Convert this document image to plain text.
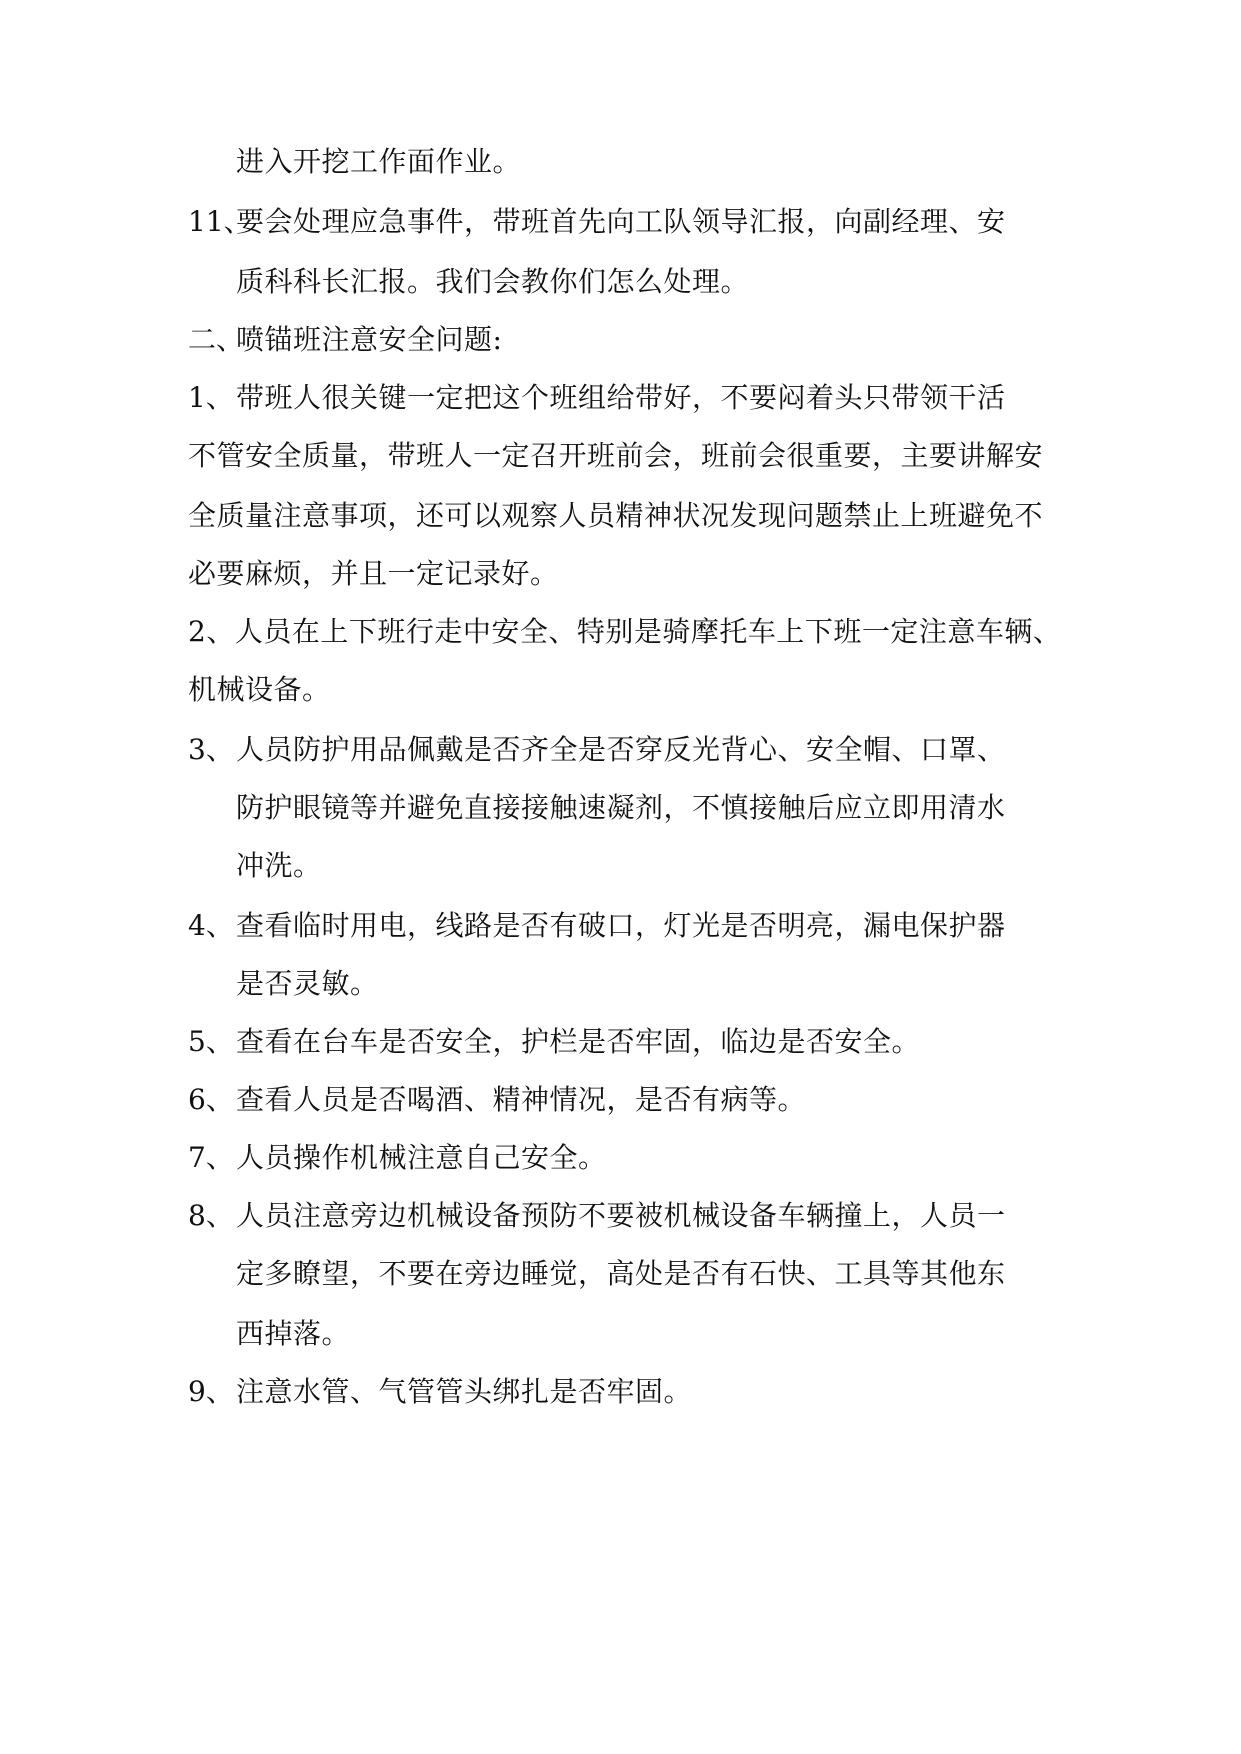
进入开挖工作面作业。
11、
要会处理应急事件，带班首先向工队领导汇报，向副经理、安
质科科长汇报。我们会教你们怎么处理。
二、
喷锚班注意安全问题:
1、 带班人很关键一定把这个班组给带好，不要闷着头只带领干活
不管安全质量，带班人一定召开班前会，班前会很重要，主要讲解安
全质量注意事项，还可以观察人员精神状况发现问题禁止上班避免不
必要麻烦，并且一定记录好。
2、人员在上下班行走中安全、特别是骑摩托车上下班一定注意车辆、
机械设备。
3、 人员防护用品佩戴是否齐全是否穿反光背心、安全帽、口罩、
防护眼镜等并避免直接接触速凝剂，不慎接触后应立即用清水
冲洗。
4、 查看临时用电，线路是否有破口，灯光是否明亮，漏电保护器
是否灵敏。
5、 查看在台车是否安全，护栏是否牢固，临边是否安全。
6、 查看人员是否喝酒、精神情况，是否有病等。
7、 人员操作机械注意自己安全。
8、 人员注意旁边机械设备预防不要被机械设备车辆撞上，人员一
定多瞭望，不要在旁边睡觉，高处是否有石快、工具等其他东
西掉落。
9、 注意水管、气管管头绑扎是否牢固。
